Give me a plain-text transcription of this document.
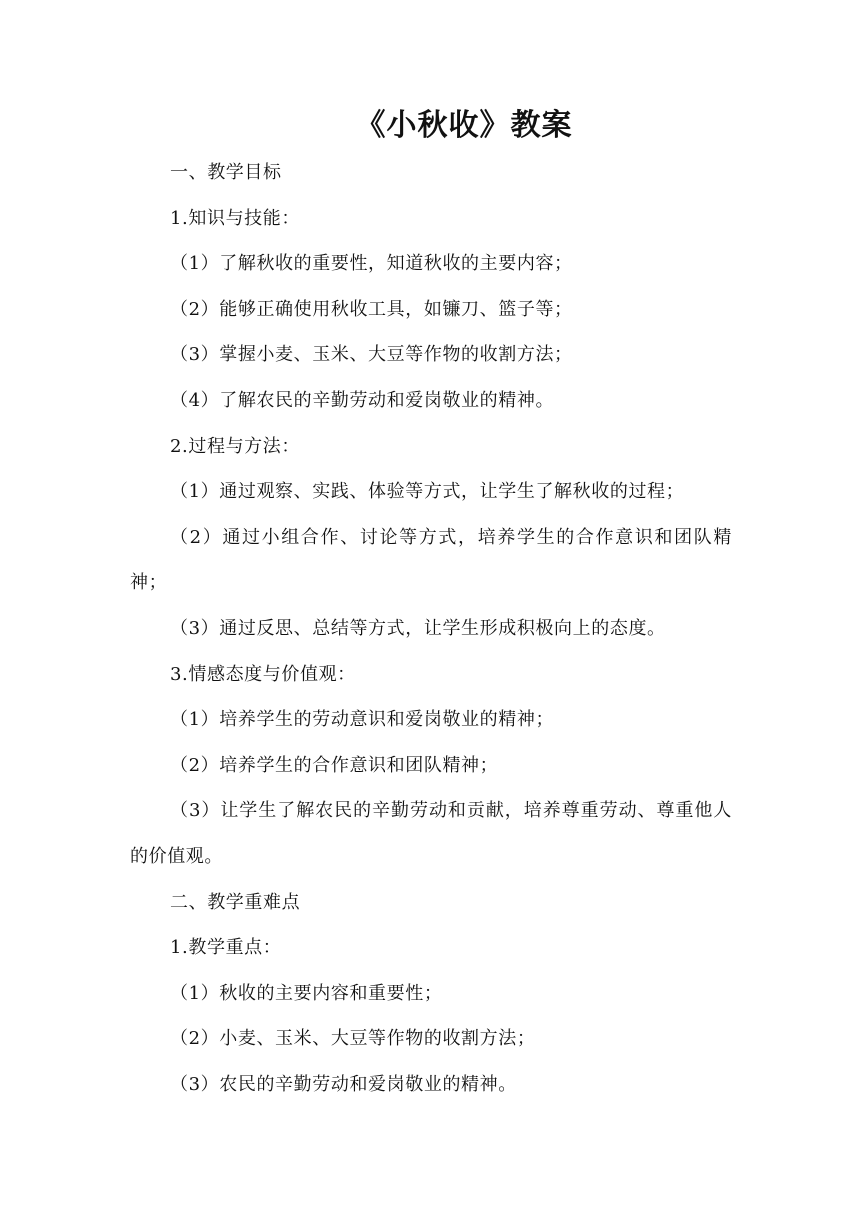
《小秋收》教案

一、教学目标

1.知识与技能：

（1）了解秋收的重要性，知道秋收的主要内容；

（2）能够正确使用秋收工具，如镰刀、篮子等；

（3）掌握小麦、玉米、大豆等作物的收割方法；

（4）了解农民的辛勤劳动和爱岗敬业的精神。

2.过程与方法：

（1）通过观察、实践、体验等方式，让学生了解秋收的过程；

（2）通过小组合作、讨论等方式，培养学生的合作意识和团队精神；

（3）通过反思、总结等方式，让学生形成积极向上的态度。

3.情感态度与价值观：

（1）培养学生的劳动意识和爱岗敬业的精神；

（2）培养学生的合作意识和团队精神；

（3）让学生了解农民的辛勤劳动和贡献，培养尊重劳动、尊重他人的价值观。

二、教学重难点

1.教学重点：

（1）秋收的主要内容和重要性；

（2）小麦、玉米、大豆等作物的收割方法；

（3）农民的辛勤劳动和爱岗敬业的精神。
